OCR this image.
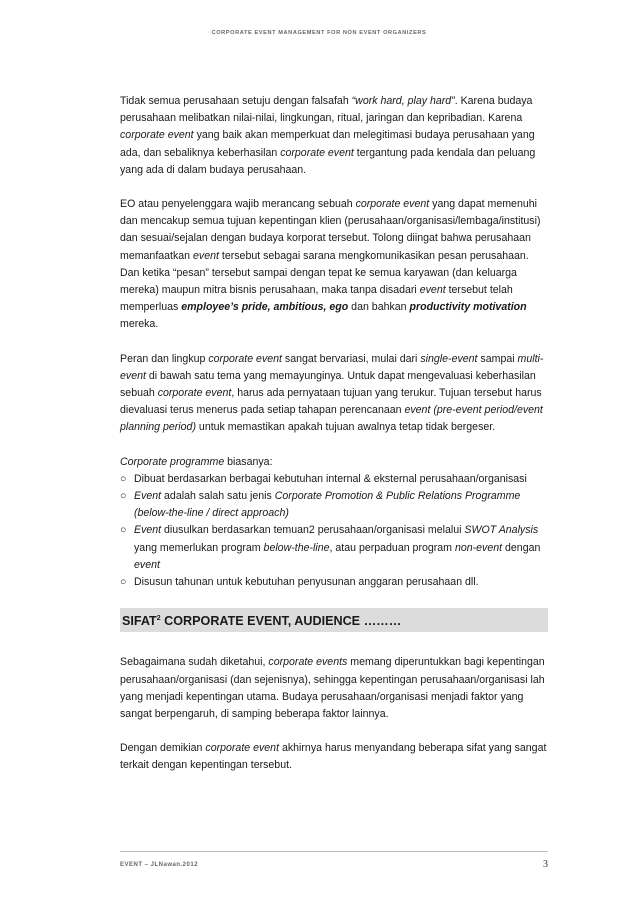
CORPORATE EVENT MANAGEMENT FOR NON EVENT ORGANIZERS

Tidak semua perusahaan setuju dengan falsafah “work hard, play hard”. Karena budaya perusahaan melibatkan nilai-nilai, lingkungan, ritual, jaringan dan kepribadian. Karena corporate event yang baik akan memperkuat dan melegitimasi budaya perusahaan yang ada, dan sebaliknya keberhasilan corporate event tergantung pada kendala dan peluang yang ada di dalam budaya perusahaan.

EO atau penyelenggara wajib merancang sebuah corporate event yang dapat memenuhi dan mencakup semua tujuan kepentingan klien (perusahaan/organisasi/lembaga/institusi) dan sesuai/sejalan dengan budaya korporat tersebut. Tolong diingat bahwa perusahaan memanfaatkan event tersebut sebagai sarana mengkomunikasikan pesan perusahaan. Dan ketika “pesan” tersebut sampai dengan tepat ke semua karyawan (dan keluarga mereka) maupun mitra bisnis perusahaan, maka tanpa disadari event tersebut telah memperluas employee’s pride, ambitious, ego dan bahkan productivity motivation mereka.

Peran dan lingkup corporate event sangat bervariasi, mulai dari single-event sampai multi-event di bawah satu tema yang memayunginya. Untuk dapat mengevaluasi keberhasilan sebuah corporate event, harus ada pernyataan tujuan yang terukur. Tujuan tersebut harus dievaluasi terus menerus pada setiap tahapan perencanaan event (pre-event period/event planning period) untuk memastikan apakah tujuan awalnya tetap tidak bergeser.

Corporate programme biasanya:

○ Dibuat berdasarkan berbagai kebutuhan internal & eksternal perusahaan/organisasi
○ Event adalah salah satu jenis Corporate Promotion & Public Relations Programme (below-the-line / direct approach)
○ Event diusulkan berdasarkan temuan2 perusahaan/organisasi melalui SWOT Analysis yang memerlukan program below-the-line, atau perpaduan program non-event dengan event
○ Disusun tahunan untuk kebutuhan penyusunan anggaran perusahaan dll.
SIFAT$^2$ CORPORATE EVENT, AUDIENCE ………

Sebagaimana sudah diketahui, corporate events memang diperuntukkan bagi kepentingan perusahaan/organisasi (dan sejenisnya), sehingga kepentingan perusahaan/organisasi lah yang menjadi kepentingan utama. Budaya perusahaan/organisasi menjadi faktor yang sangat berpengaruh, di samping beberapa faktor lainnya.

Dengan demikian corporate event akhirnya harus menyandang beberapa sifat yang sangat terkait dengan kepentingan tersebut.

EVENT – JLNawan.2012	3
